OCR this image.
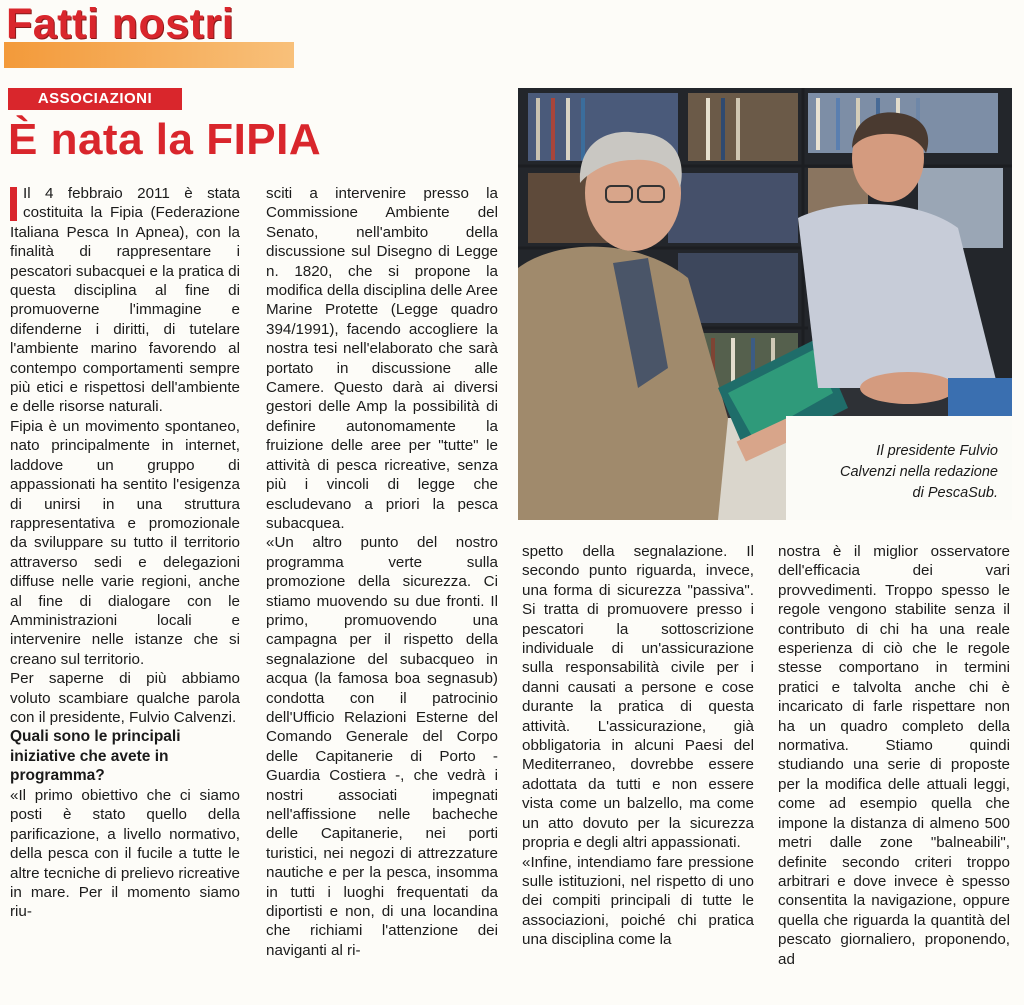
Fatti nostri
ASSOCIAZIONI
È nata la FIPIA

Il 4 febbraio 2011 è stata costituita la Fipia (Federazione Italiana Pesca In Apnea), con la finalità di rappresentare i pescatori subacquei e la pratica di questa disciplina al fine di promuoverne l'immagine e difenderne i diritti, di tutelare l'ambiente marino favorendo al contempo comportamenti sempre più etici e rispettosi dell'ambiente e delle risorse naturali.

Fipia è un movimento spontaneo, nato principalmente in internet, laddove un gruppo di appassionati ha sentito l'esigenza di unirsi in una struttura rappresentativa e promozionale da sviluppare su tutto il territorio attraverso sedi e delegazioni diffuse nelle varie regioni, anche al fine di dialogare con le Amministrazioni locali e intervenire nelle istanze che si creano sul territorio.

Per saperne di più abbiamo voluto scambiare qualche parola con il presidente, Fulvio Calvenzi.

Quali sono le principali iniziative che avete in programma?

«Il primo obiettivo che ci siamo posti è stato quello della parificazione, a livello normativo, della pesca con il fucile a tutte le altre tecniche di prelievo ricreative in mare. Per il momento siamo riu-

sciti a intervenire presso la Commissione Ambiente del Senato, nell'ambito della discussione sul Disegno di Legge n. 1820, che si propone la modifica della disciplina delle Aree Marine Protette (Legge quadro 394/1991), facendo accogliere la nostra tesi nell'elaborato che sarà portato in discussione alle Camere. Questo darà ai diversi gestori delle Amp la possibilità di definire autonomamente la fruizione delle aree per "tutte" le attività di pesca ricreative, senza più i vincoli di legge che escludevano a priori la pesca subacquea.

«Un altro punto del nostro programma verte sulla promozione della sicurezza. Ci stiamo muovendo su due fronti. Il primo, promuovendo una campagna per il rispetto della segnalazione del subacqueo in acqua (la famosa boa segnasub) condotta con il patrocinio dell'Ufficio Relazioni Esterne del Comando Generale del Corpo delle Capitanerie di Porto - Guardia Costiera -, che vedrà i nostri associati impegnati nell'affissione nelle bacheche delle Capitanerie, nei porti turistici, nei negozi di attrezzature nautiche e per la pesca, insomma in tutti i luoghi frequentati da diportisti e non, di una locandina che richiami l'attenzione dei naviganti al ri-

Il presidente Fulvio
Calvenzi nella redazione
di PescaSub.

spetto della segnalazione. Il secondo punto riguarda, invece, una forma di sicurezza "passiva". Si tratta di promuovere presso i pescatori la sottoscrizione individuale di un'assicurazione sulla responsabilità civile per i danni causati a persone e cose durante la pratica di questa attività. L'assicurazione, già obbligatoria in alcuni Paesi del Mediterraneo, dovrebbe essere adottata da tutti e non essere vista come un balzello, ma come un atto dovuto per la sicurezza propria e degli altri appassionati.

«Infine, intendiamo fare pressione sulle istituzioni, nel rispetto di uno dei compiti principali di tutte le associazioni, poiché chi pratica una disciplina come la

nostra è il miglior osservatore dell'efficacia dei vari provvedimenti. Troppo spesso le regole vengono stabilite senza il contributo di chi ha una reale esperienza di ciò che le regole stesse comportano in termini pratici e talvolta anche chi è incaricato di farle rispettare non ha un quadro completo della normativa. Stiamo quindi studiando una serie di proposte per la modifica delle attuali leggi, come ad esempio quella che impone la distanza di almeno 500 metri dalle zone "balneabili", definite secondo criteri troppo arbitrari e dove invece è spesso consentita la navigazione, oppure quella che riguarda la quantità del pescato giornaliero, proponendo, ad
